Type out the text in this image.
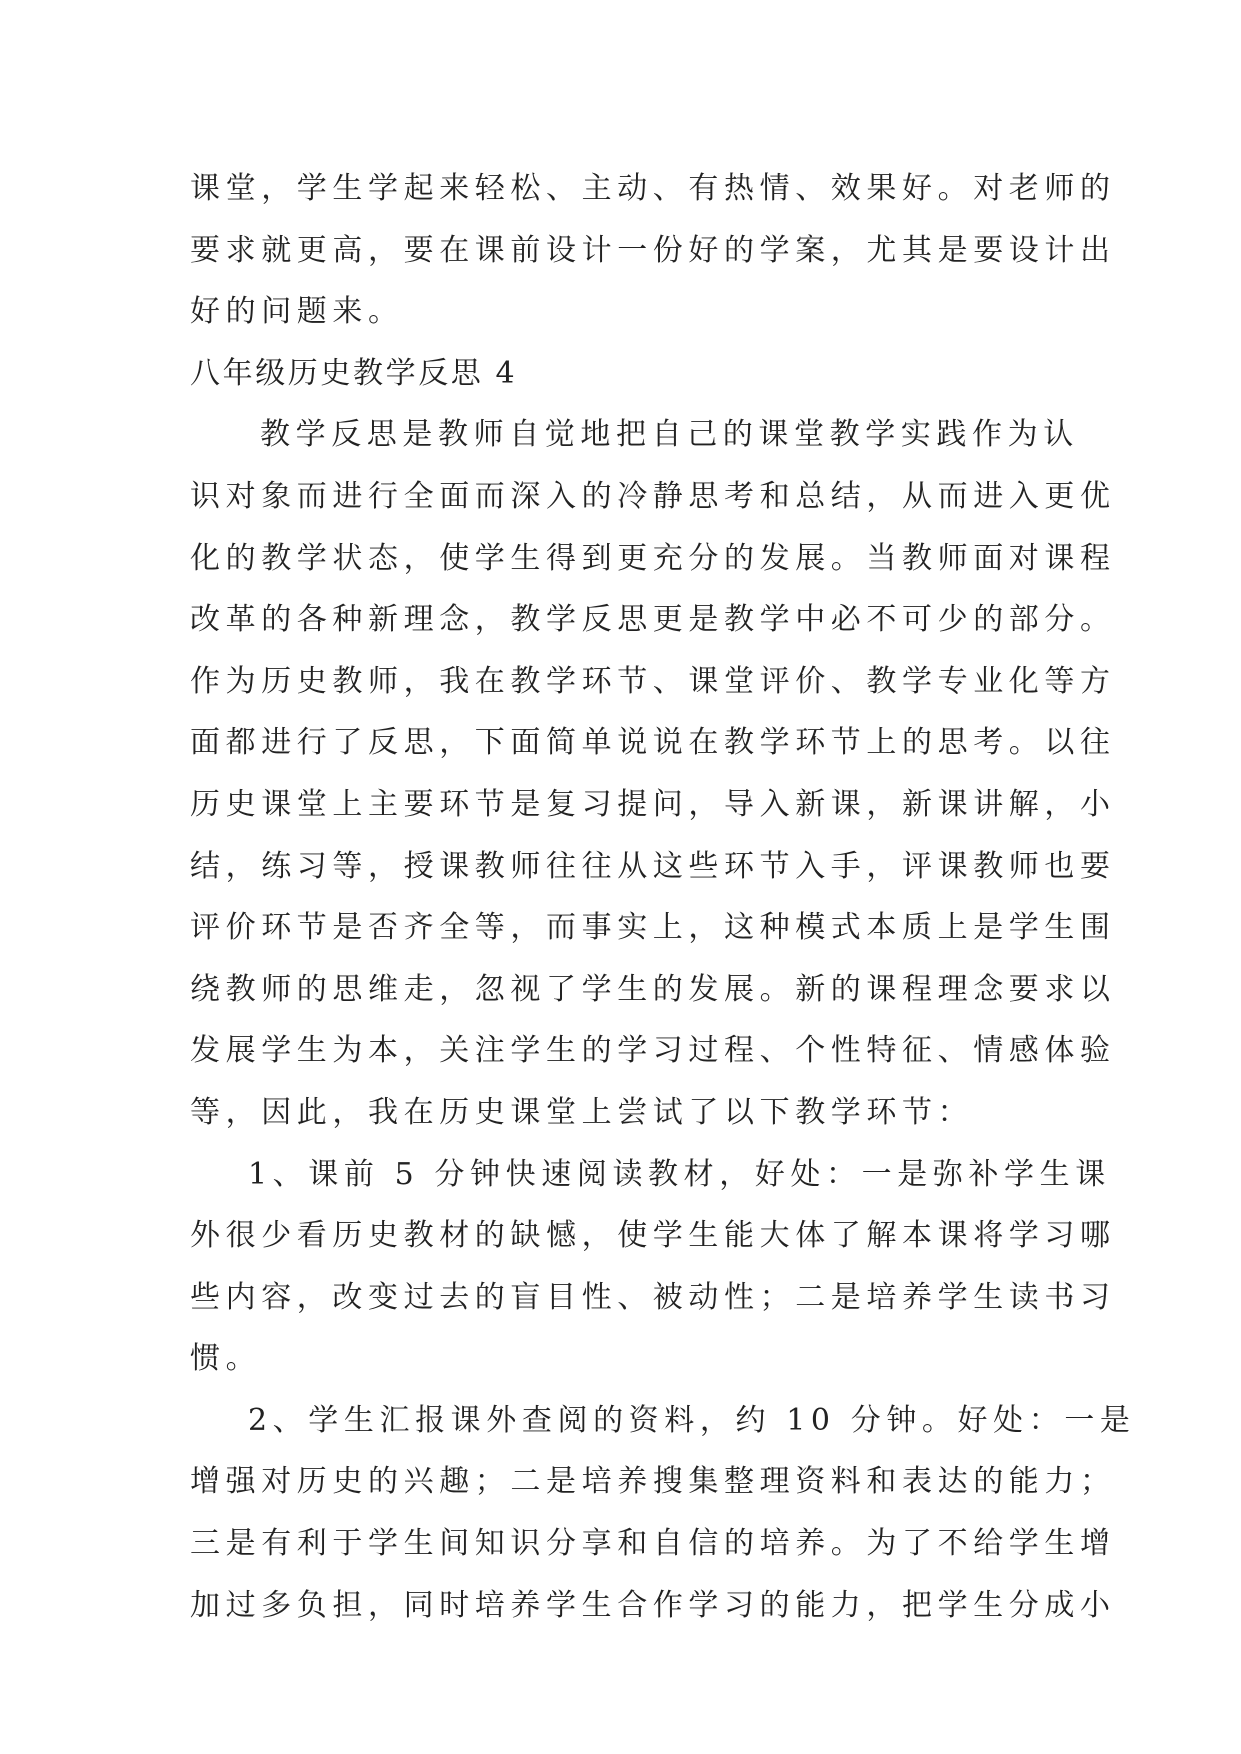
课堂，学生学起来轻松、主动、有热情、效果好。对老师的
要求就更高，要在课前设计一份好的学案，尤其是要设计出
好的问题来。
八年级历史教学反思 4
教学反思是教师自觉地把自己的课堂教学实践作为认
识对象而进行全面而深入的冷静思考和总结，从而进入更优
化的教学状态，使学生得到更充分的发展。当教师面对课程
改革的各种新理念，教学反思更是教学中必不可少的部分。
作为历史教师，我在教学环节、课堂评价、教学专业化等方
面都进行了反思，下面简单说说在教学环节上的思考。以往
历史课堂上主要环节是复习提问，导入新课，新课讲解，小
结，练习等，授课教师往往从这些环节入手，评课教师也要
评价环节是否齐全等，而事实上，这种模式本质上是学生围
绕教师的思维走，忽视了学生的发展。新的课程理念要求以
发展学生为本，关注学生的学习过程、个性特征、情感体验
等，因此，我在历史课堂上尝试了以下教学环节：
1、课前 5 分钟快速阅读教材，好处：一是弥补学生课
外很少看历史教材的缺憾，使学生能大体了解本课将学习哪
些内容，改变过去的盲目性、被动性；二是培养学生读书习
惯。
2、学生汇报课外查阅的资料，约 10 分钟。好处：一是
增强对历史的兴趣；二是培养搜集整理资料和表达的能力；
三是有利于学生间知识分享和自信的培养。为了不给学生增
加过多负担，同时培养学生合作学习的能力，把学生分成小
